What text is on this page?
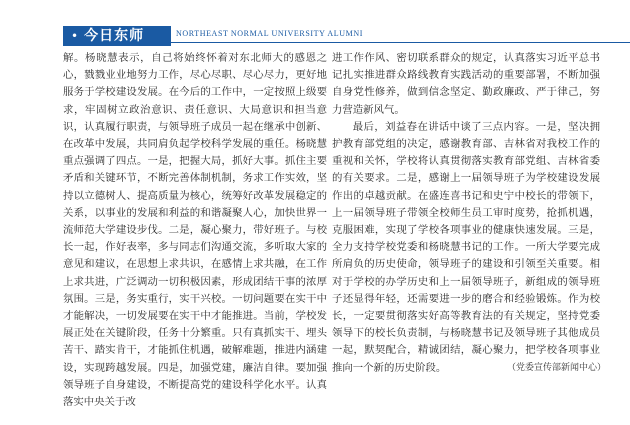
• 今日东师	NORTHEAST NORMAL UNIVERSITY ALUMNI

解。杨晓慧表示，自己将始终怀着对东北师大的感恩之心，戮戮业业地努力工作，尽心尽职、尽心尽力，更好地服务于学校建设发展。在今后的工作中，一定按照上级要求，牢固树立政治意识、责任意识、大局意识和担当意识，认真履行职责，与领导班子成员一起在继承中创新、在改革中发展，共同肩负起学校科学发展的重任。杨晓慧重点强调了四点。一是，把握大局，抓好大事。抓住主要矛盾和关键环节，不断完善体制机制，务求工作实效，坚持以立德树人、提高质量为核心，统筹好改革发展稳定的关系，以事业的发展和利益的和谐凝聚人心，加快世界一流师范大学建设步伐。二是，凝心聚力，带好班子。与校长一起，作好表率，多与同志们沟通交流，多听取大家的意见和建议，在思想上求共识，在感情上求共融，在工作上求共进，广泛调动一切积极因素，形成团结干事的浓厚氛围。三是，务实重行，实干兴校。一切问题要在实干中才能解决，一切发展要在实干中才能推进。当前，学校发展正处在关键阶段，任务十分繁重。只有真抓实干、埋头苦干、踏实肯干，才能抓住机遇，破解难题，推进内涵建设，实现跨越发展。四是，加强党建，廉洁自律。要加强领导班子自身建设，不断提高党的建设科学化水平。认真落实中央关于改

进工作作风、密切联系群众的规定，认真落实习近平总书记扎实推进群众路线教育实践活动的重要部署，不断加强自身党性修养，做到信念坚定、勤政廉政、严于律己，努力营造新风气。

最后，刘益春在讲话中谈了三点内容。一是，坚决拥护教育部党组的决定，感谢教育部、吉林省对我校工作的重视和关怀，学校将认真贯彻落实教育部党组、吉林省委的有关要求。二是，感谢上一届领导班子为学校建设发展作出的卓越贡献。在盛连喜书记和史宁中校长的带领下，上一届领导班子带领全校师生员工审时度势，抢抓机遇，克服困难，实现了学校各项事业的健康快速发展。三是，全力支持学校党委和杨晓慧书记的工作。一所大学要完成所肩负的历史使命，领导班子的建设和引领至关重要。相对于学校的办学历史和上一届领导班子，新组成的领导班子还显得年轻，还需要进一步的磨合和经验锻炼。作为校长，一定要贯彻落实好高等教育法的有关规定，坚持党委领导下的校长负责制，与杨晓慧书记及领导班子其他成员一起，默契配合，精诚团结，凝心聚力，把学校各项事业推向一个新的历史阶段。	（党委宣传部新闻中心）
